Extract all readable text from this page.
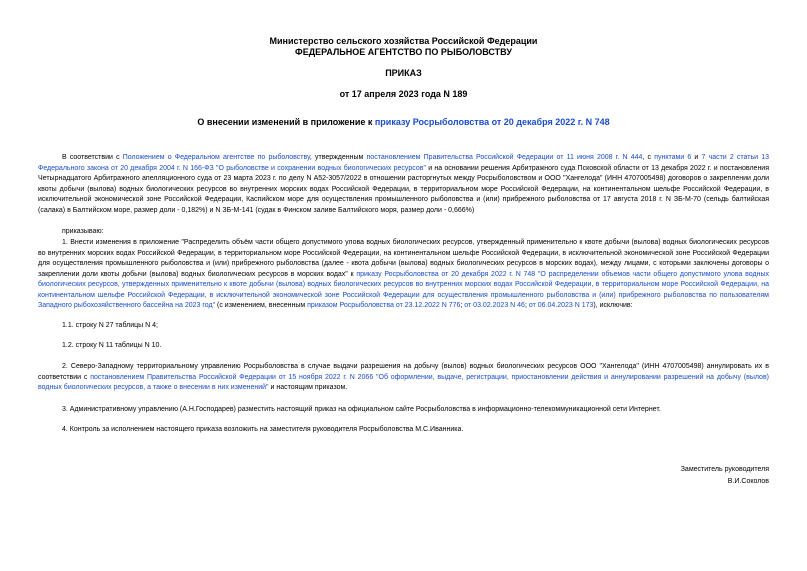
Министерство сельского хозяйства Российской Федерации
ФЕДЕРАЛЬНОЕ АГЕНТСТВО ПО РЫБОЛОВСТВУ
ПРИКАЗ
от 17 апреля 2023 года N 189
О внесении изменений в приложение к приказу Росрыболовства от 20 декабря 2022 г. N 748
В соответствии с Положением о Федеральном агентстве по рыболовству, утвержденным постановлением Правительства Российской Федерации от 11 июня 2008 г. N 444, с пунктами 6 и 7 части 2 статьи 13 Федерального закона от 20 декабря 2004 г. N 166-ФЗ "О рыболовстве и сохранении водных биологических ресурсов" и на основании решения Арбитражного суда Псковской области от 13 декабря 2022 г. и постановления Четырнадцатого Арбитражного апелляционного суда от 23 марта 2023 г. по делу N А52-3057/2022 в отношении расторгнутых между Росрыболовством и ООО "Хангелода" (ИНН 4707005498) договоров о закреплении доли квоты добычи (вылова) водных биологических ресурсов во внутренних морских водах Российской Федерации, в территориальном море Российской Федерации, на континентальном шельфе Российской Федерации, в исключительной экономической зоне Российской Федерации, Каспийском море для осуществления промышленного рыболовства и (или) прибрежного рыболовства от 17 августа 2018 г. N ЗБ-М-70 (сельдь балтийская (салака) в Балтийском море, размер доли - 0,182%) и N ЗБ-М-141 (судак в Финском заливе Балтийского моря, размер доли - 0,666%)
приказываю:
1. Внести изменения в приложение "Распределить объём части общего допустимого улова водных биологических ресурсов, утвержденный применительно к квоте добычи (вылова) водных биологических ресурсов во внутренних морских водах Российской Федерации, в территориальном море Российской Федерации, на континентальном шельфе Российской Федерации, в исключительной экономической зоне Российской Федерации для осуществления промышленного рыболовства и (или) прибрежного рыболовства (далее - квота добычи (вылова) водных биологических ресурсов в морских водах), между лицами, с которыми заключены договоры о закреплении доли квоты добычи (вылова) водных биологических ресурсов в морских водах" к приказу Росрыболовства от 20 декабря 2022 г. N 748 "О распределении объемов части общего допустимого улова водных биологических ресурсов, утвержденных применительно к квоте добычи (вылова) водных биологических ресурсов во внутренних морских водах Российской Федерации, в территориальном море Российской Федерации, на континентальном шельфе Российской Федерации, в исключительной экономической зоне Российской Федерации для осуществления промышленного рыболовства и (или) прибрежного рыболовства по пользователям Западного рыбохозяйственного бассейна на 2023 год" (с изменением, внесенным приказом Росрыболовства от 23.12.2022 N 776; от 03.02.2023 N 46; от 06.04.2023 N 173), исключив:
1.1. строку N 27 таблицы N 4;
1.2. строку N 11 таблицы N 10.
2. Северо-Западному территориальному управлению Росрыболовства в случае выдачи разрешения на добычу (вылов) водных биологических ресурсов ООО "Хангелода" (ИНН 4707005498) аннулировать их в соответствии с постановлением Правительства Российской Федерации от 15 ноября 2022 г. N 2066 "Об оформлении, выдаче, регистрации, приостановлении действия и аннулировании разрешений на добычу (вылов) водных биологических ресурсов, а также о внесении в них изменений" и настоящим приказом.
3. Административному управлению (А.Н.Господарев) разместить настоящий приказ на официальном сайте Росрыболовства в информационно-телекоммуникационной сети Интернет.
4. Контроль за исполнением настоящего приказа возложить на заместителя руководителя Росрыболовства М.С.Иванника.
Заместитель руководителя
В.И.Соколов
